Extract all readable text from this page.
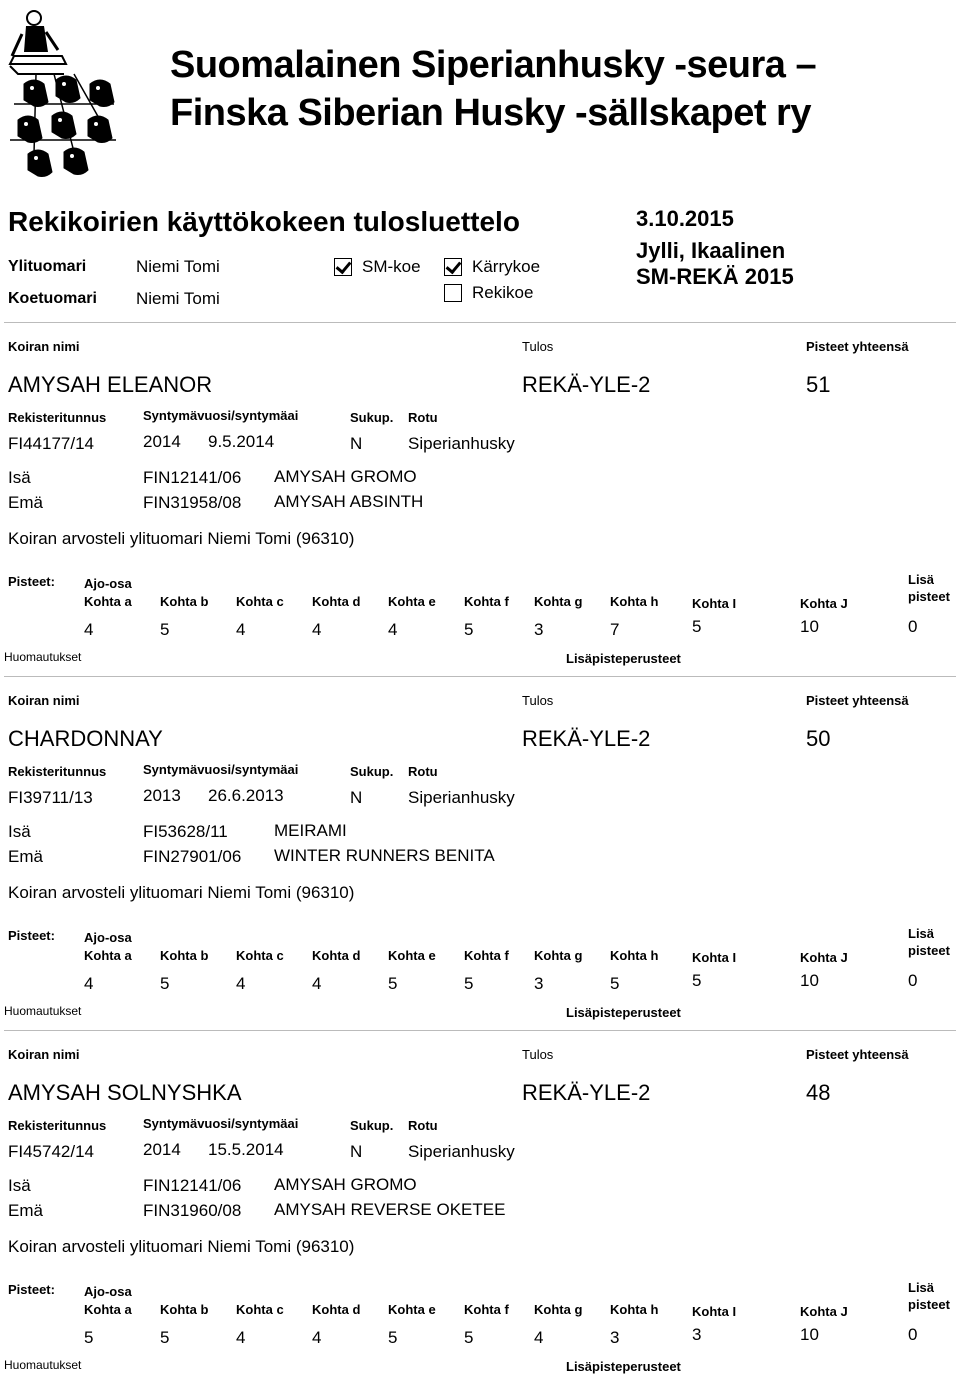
Suomalainen Siperianhusky -seura –
Finska Siberian Husky -sällskapet ry
Rekikoirien käyttökokeen tulosluettelo	3.10.2015
Jylli, Ikaalinen
SM-REKÄ 2015
Ylituomari	Niemi Tomi
Koetuomari Niemi Tomi
SM-koe	Kärrykoe
Rekikoe
Koiran nimi	Tulos	Pisteet yhteensä
AMYSAH ELEANOR	REKÄ-YLE-2	51
Rekisteritunnus	Syntymävuosi/syntymäai	Sukup. Rotu
FI44177/14	2014 9.5.2014	N	Siperianhusky
Isä	FIN12141/06 AMYSAH GROMO
Emä	FIN31958/08 AMYSAH ABSINTH
Koiran arvosteli ylituomari Niemi Tomi (96310)
Pisteet: Ajo-osa	Lisä
pisteet
Kohta a Kohta b Kohta c Kohta d Kohta e Kohta f Kohta g Kohta h	Kohta I	Kohta J
4	5	4	4	4	5	3	7	5	10	0
Huomautukset	Lisäpisteperusteet
Koiran nimi	Tulos	Pisteet yhteensä
CHARDONNAY	REKÄ-YLE-2	50
Rekisteritunnus	Syntymävuosi/syntymäai	Sukup. Rotu
FI39711/13	2013 26.6.2013	N	Siperianhusky
Isä	FI53628/11	MEIRAMI
Emä	FIN27901/06 WINTER RUNNERS BENITA
Koiran arvosteli ylituomari Niemi Tomi (96310)
Pisteet: Ajo-osa	Lisä
pisteet
Kohta a Kohta b Kohta c Kohta d Kohta e Kohta f Kohta g Kohta h	Kohta I	Kohta J
4	5	4	4	5	5	3	5	5	10	0
Huomautukset	Lisäpisteperusteet
Koiran nimi	Tulos	Pisteet yhteensä
AMYSAH SOLNYSHKA	REKÄ-YLE-2	48
Rekisteritunnus	Syntymävuosi/syntymäai	Sukup. Rotu
FI45742/14	2014 15.5.2014	N	Siperianhusky
Isä	FIN12141/06 AMYSAH GROMO
Emä	FIN31960/08 AMYSAH REVERSE OKETEE
Koiran arvosteli ylituomari Niemi Tomi (96310)
Pisteet: Ajo-osa	Lisä
pisteet
Kohta a Kohta b Kohta c Kohta d Kohta e Kohta f Kohta g Kohta h	Kohta I	Kohta J
5	5	4	4	5	5	4	3	3	10	0
Huomautukset	Lisäpisteperusteet
